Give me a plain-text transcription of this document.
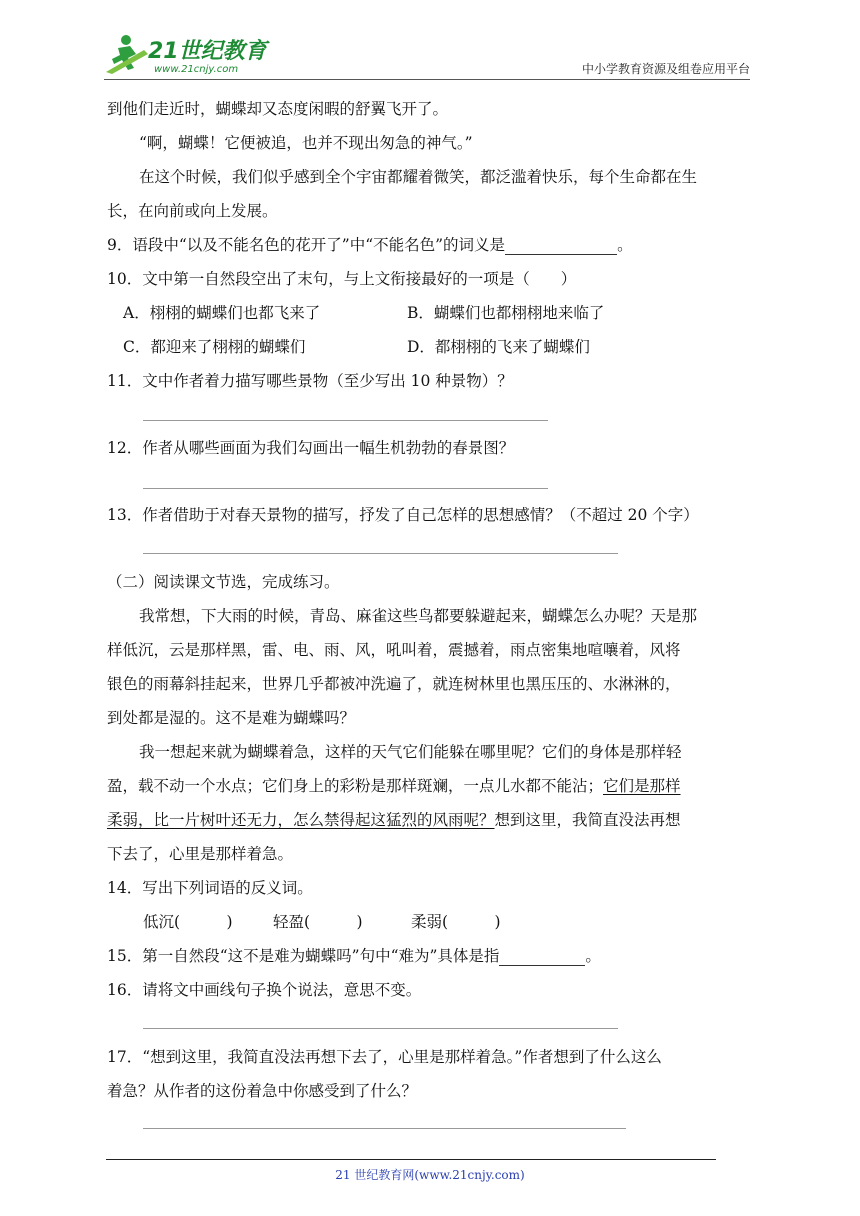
21世纪教育
www.21cnjy.com	中小学教育资源及组卷应用平台
到他们走近时，蝴蝶却又态度闲暇的舒翼飞开了。
“啊，蝴蝶！它便被追，也并不现出匆急的神气。”
在这个时候，我们似乎感到全个宇宙都耀着微笑，都泛滥着快乐，每个生命都在生
长，在向前或向上发展。
9．语段中“以及不能名色的花开了”中“不能名色”的词义是	。
10．文中第一自然段空出了末句，与上文衔接最好的一项是（　　）
A．栩栩的蝴蝶们也都飞来了	B．蝴蝶们也都栩栩地来临了
C．都迎来了栩栩的蝴蝶们	D．都栩栩的飞来了蝴蝶们
11．文中作者着力描写哪些景物（至少写出 10 种景物）？
12．作者从哪些画面为我们勾画出一幅生机勃勃的春景图？
13．作者借助于对春天景物的描写，抒发了自己怎样的思想感情？（不超过 20 个字）
（二）阅读课文节选，完成练习。
我常想，下大雨的时候，青岛、麻雀这些鸟都要躲避起来，蝴蝶怎么办呢？天是那
样低沉，云是那样黑，雷、电、雨、风，吼叫着，震撼着，雨点密集地喧嚷着，风将
银色的雨幕斜挂起来，世界几乎都被冲洗遍了，就连树林里也黑压压的、水淋淋的，
到处都是湿的。这不是难为蝴蝶吗？
我一想起来就为蝴蝶着急，这样的天气它们能躲在哪里呢？它们的身体是那样轻
盈，载不动一个水点；它们身上的彩粉是那样斑斓，一点儿水都不能沾；它们是那样
柔弱，比一片树叶还无力，怎么禁得起这猛烈的风雨呢？想到这里，我简直没法再想
下去了，心里是那样着急。
14．写出下列词语的反义词。
低沉(　　　)	轻盈(　　　)	柔弱(　　　)
15．第一自然段“这不是难为蝴蝶吗”句中“难为”具体是指	。
16．请将文中画线句子换个说法，意思不变。
17．“想到这里，我简直没法再想下去了，心里是那样着急。”作者想到了什么这么
着急？从作者的这份着急中你感受到了什么？
21 世纪教育网(www.21cnjy.com)
